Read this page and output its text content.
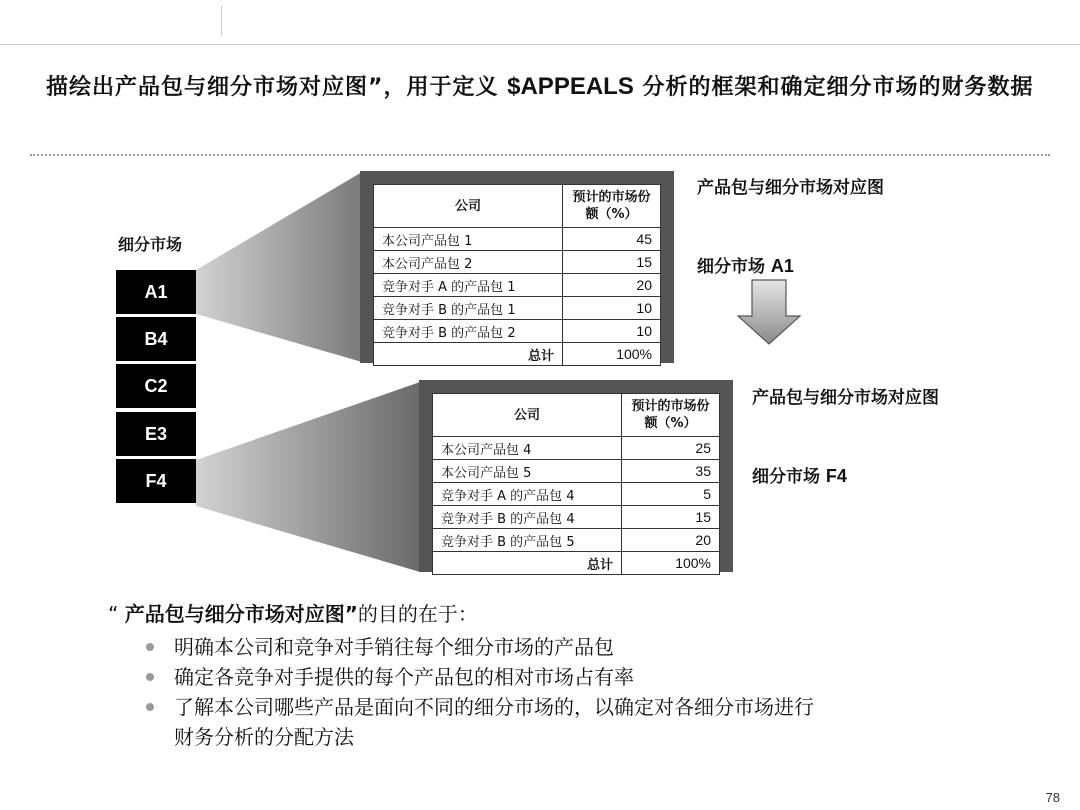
描绘出产品包与细分市场对应图”，用于定义 $APPEALS 分析的框架和确定细分市场的财务数据
细分市场
A1
B4
C2
E3
F4
公司	预计的市场份额（%）
本公司产品包 1	45
本公司产品包 2	15
竞争对手 A 的产品包 1	20
竞争对手 B 的产品包 1	10
竞争对手 B 的产品包 2	10
总计	100%
产品包与细分市场对应图
细分市场 A1
公司	预计的市场份额（%）
本公司产品包 4	25
本公司产品包 5	35
竞争对手 A 的产品包 4	5
竞争对手 B 的产品包 4	15
竞争对手 B 的产品包 5	20
总计	100%
产品包与细分市场对应图
细分市场 F4
“ 产品包与细分市场对应图”的目的在于：
明确本公司和竞争对手销往每个细分市场的产品包
确定各竞争对手提供的每个产品包的相对市场占有率
了解本公司哪些产品是面向不同的细分市场的，以确定对各细分市场进行财务分析的分配方法
78
